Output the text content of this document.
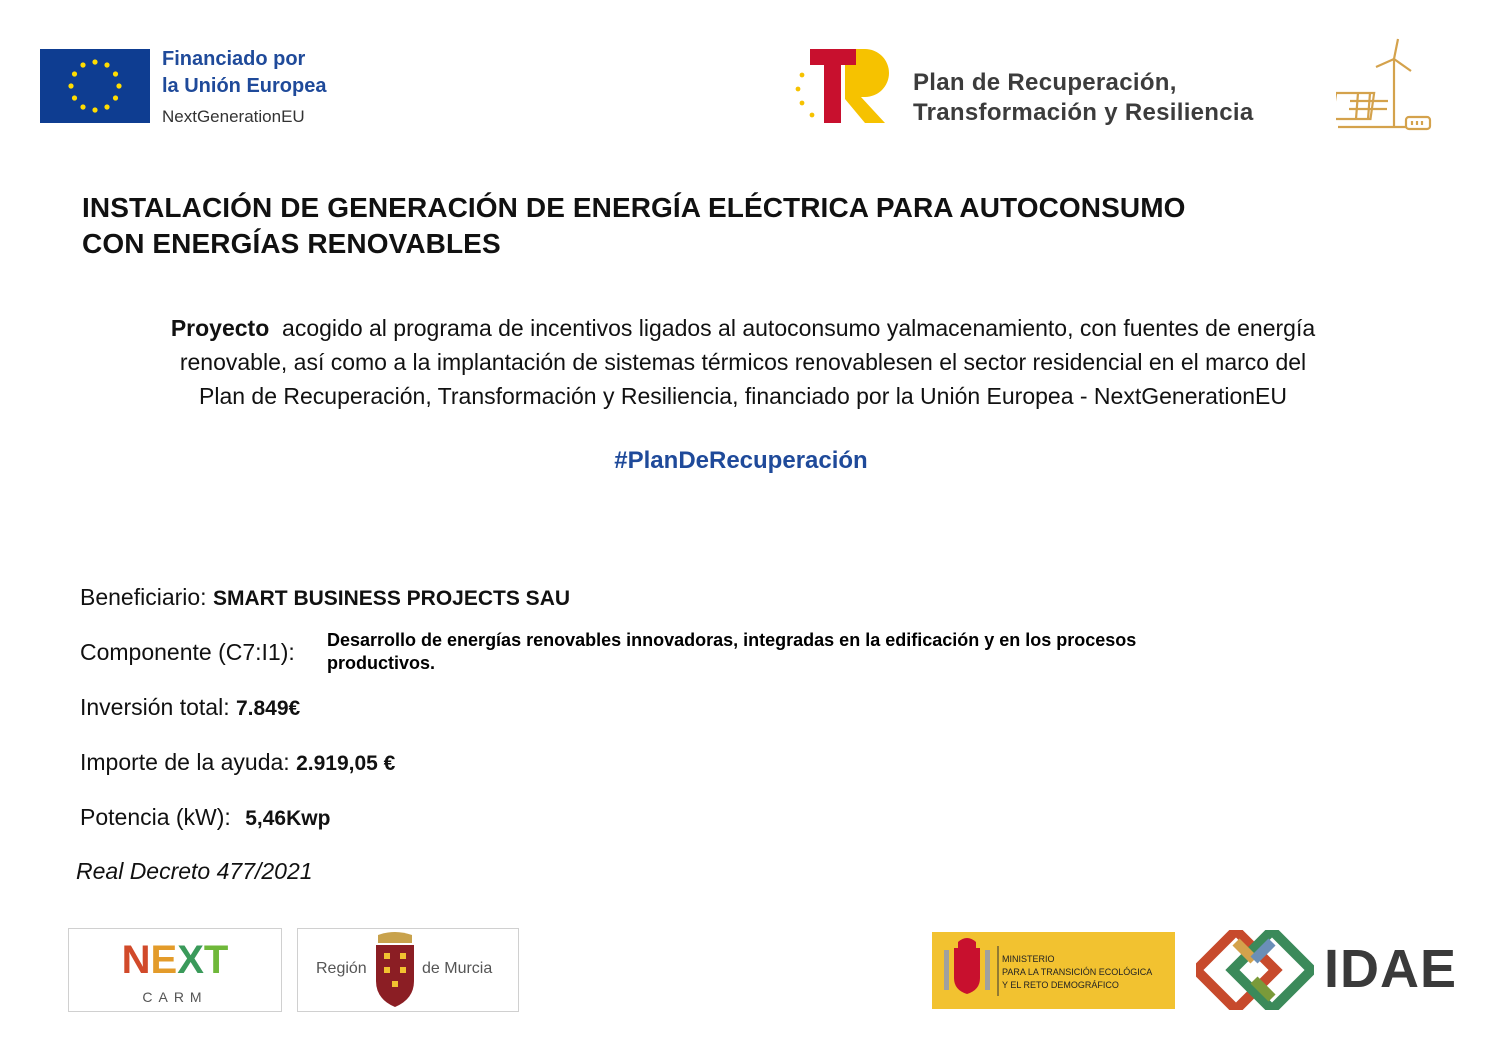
Financiado por
la Unión Europea
NextGenerationEU
Plan de Recuperación,
Transformación y Resiliencia
INSTALACIÓN DE GENERACIÓN DE ENERGÍA ELÉCTRICA PARA AUTOCONSUMO
CON ENERGÍAS RENOVABLES
Proyecto  acogido al programa de incentivos ligados al autoconsumo yalmacenamiento, con fuentes de energía
renovable, así como a la implantación de sistemas térmicos renovablesen el sector residencial en el marco del
Plan de Recuperación, Transformación y Resiliencia, financiado por la Unión Europea - NextGenerationEU
#PlanDeRecuperación
Beneficiario: SMART BUSINESS PROJECTS SAU
Componente (C7:I1): Desarrollo de energías renovables innovadoras, integradas en la edificación y en los procesos
productivos.
Inversión total: 7.849€
Importe de la ayuda: 2.919,05 €
Potencia (kW): 5,46Kwp
Real Decreto 477/2021
NEXT
CARM
Región	de Murcia
MINISTERIO
PARA LA TRANSICIÓN ECOLÓGICA
Y EL RETO DEMOGRÁFICO	IDAE
